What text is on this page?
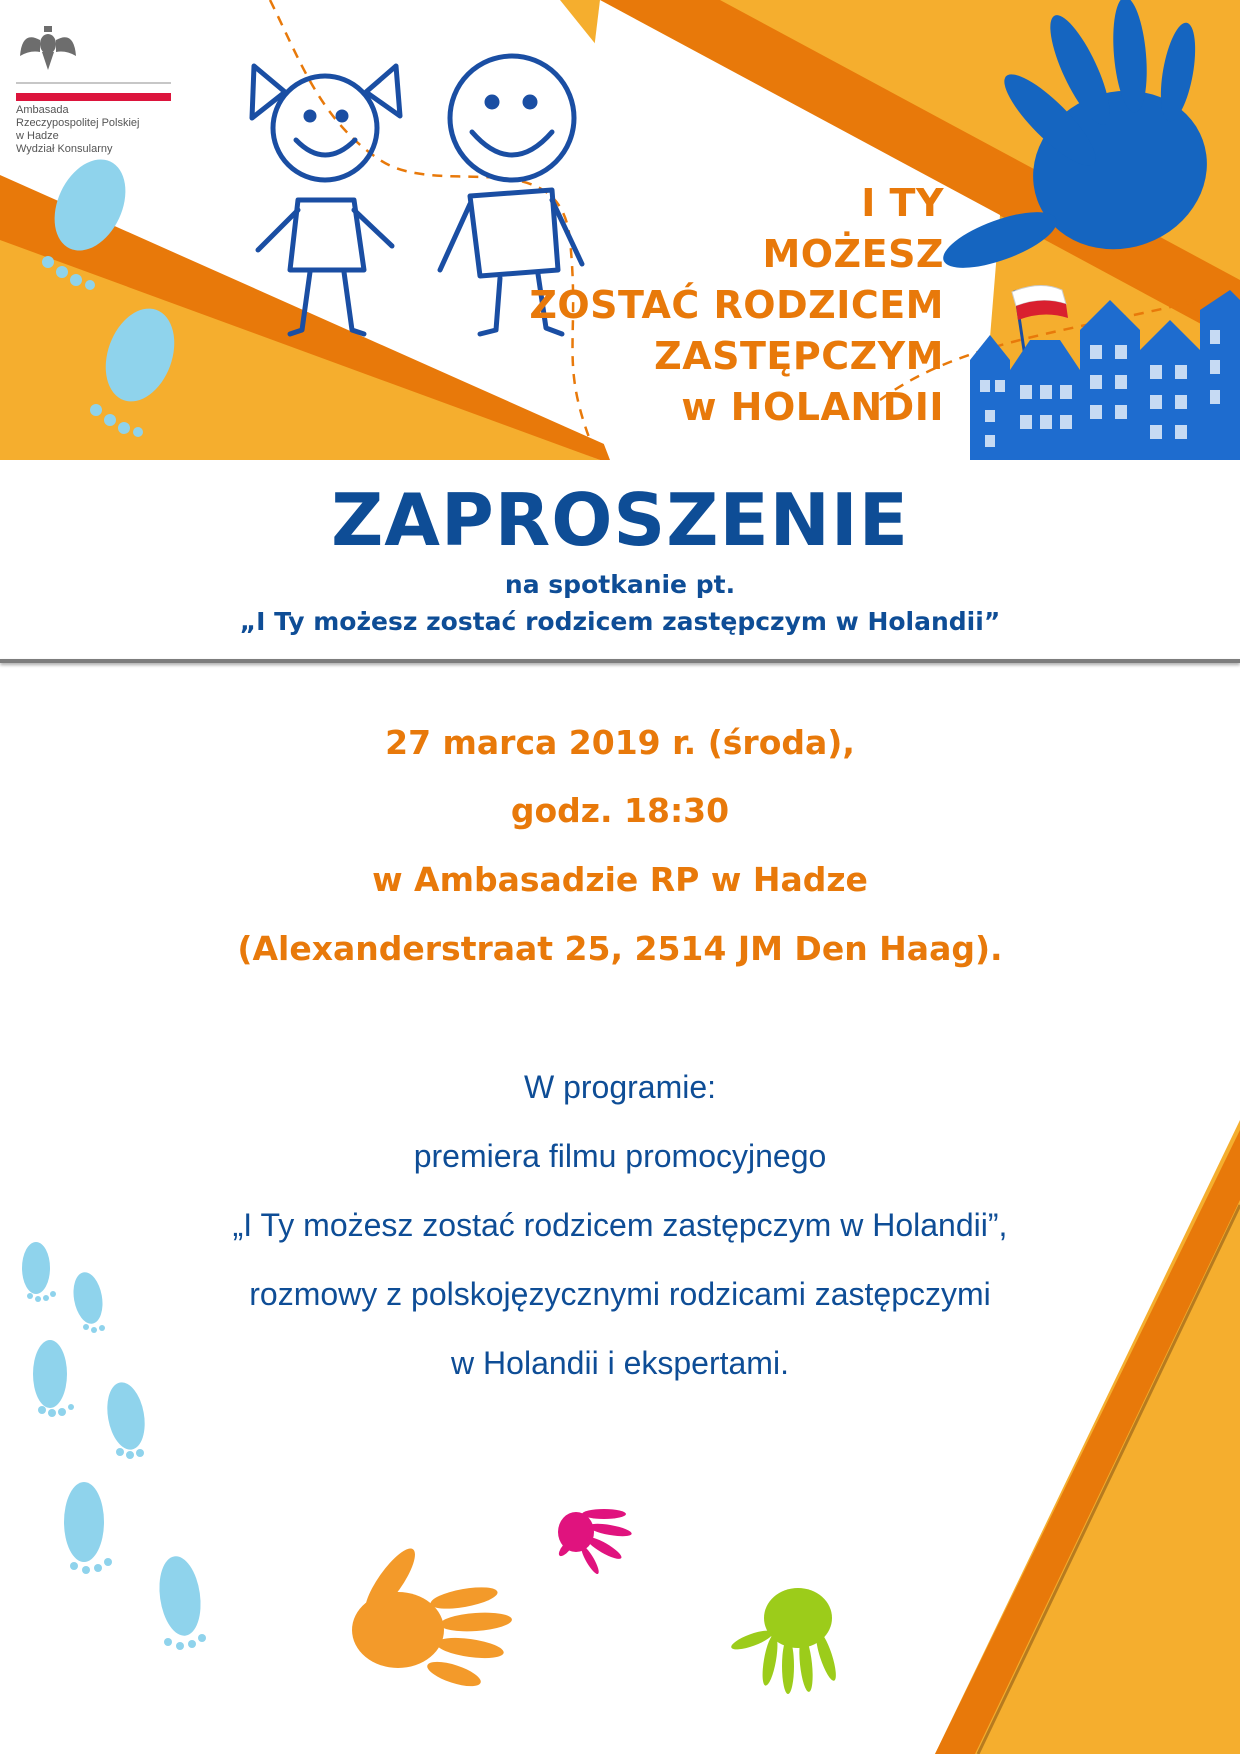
Ambasada
Rzeczypospolitej Polskiej
w Hadze
Wydział Konsularny
I TY
MOŻESZ
ZOSTAĆ RODZICEM
ZASTĘPCZYM
w HOLANDII
ZAPROSZENIE
na spotkanie pt.
„I Ty możesz zostać rodzicem zastępczym w Holandii”
27 marca 2019 r. (środa),
godz. 18:30
w Ambasadzie RP w Hadze
(Alexanderstraat 25, 2514 JM Den Haag).
W programie:
premiera filmu promocyjnego
„I Ty możesz zostać rodzicem zastępczym w Holandii”,
rozmowy z polskojęzycznymi rodzicami zastępczymi
w Holandii i ekspertami.
